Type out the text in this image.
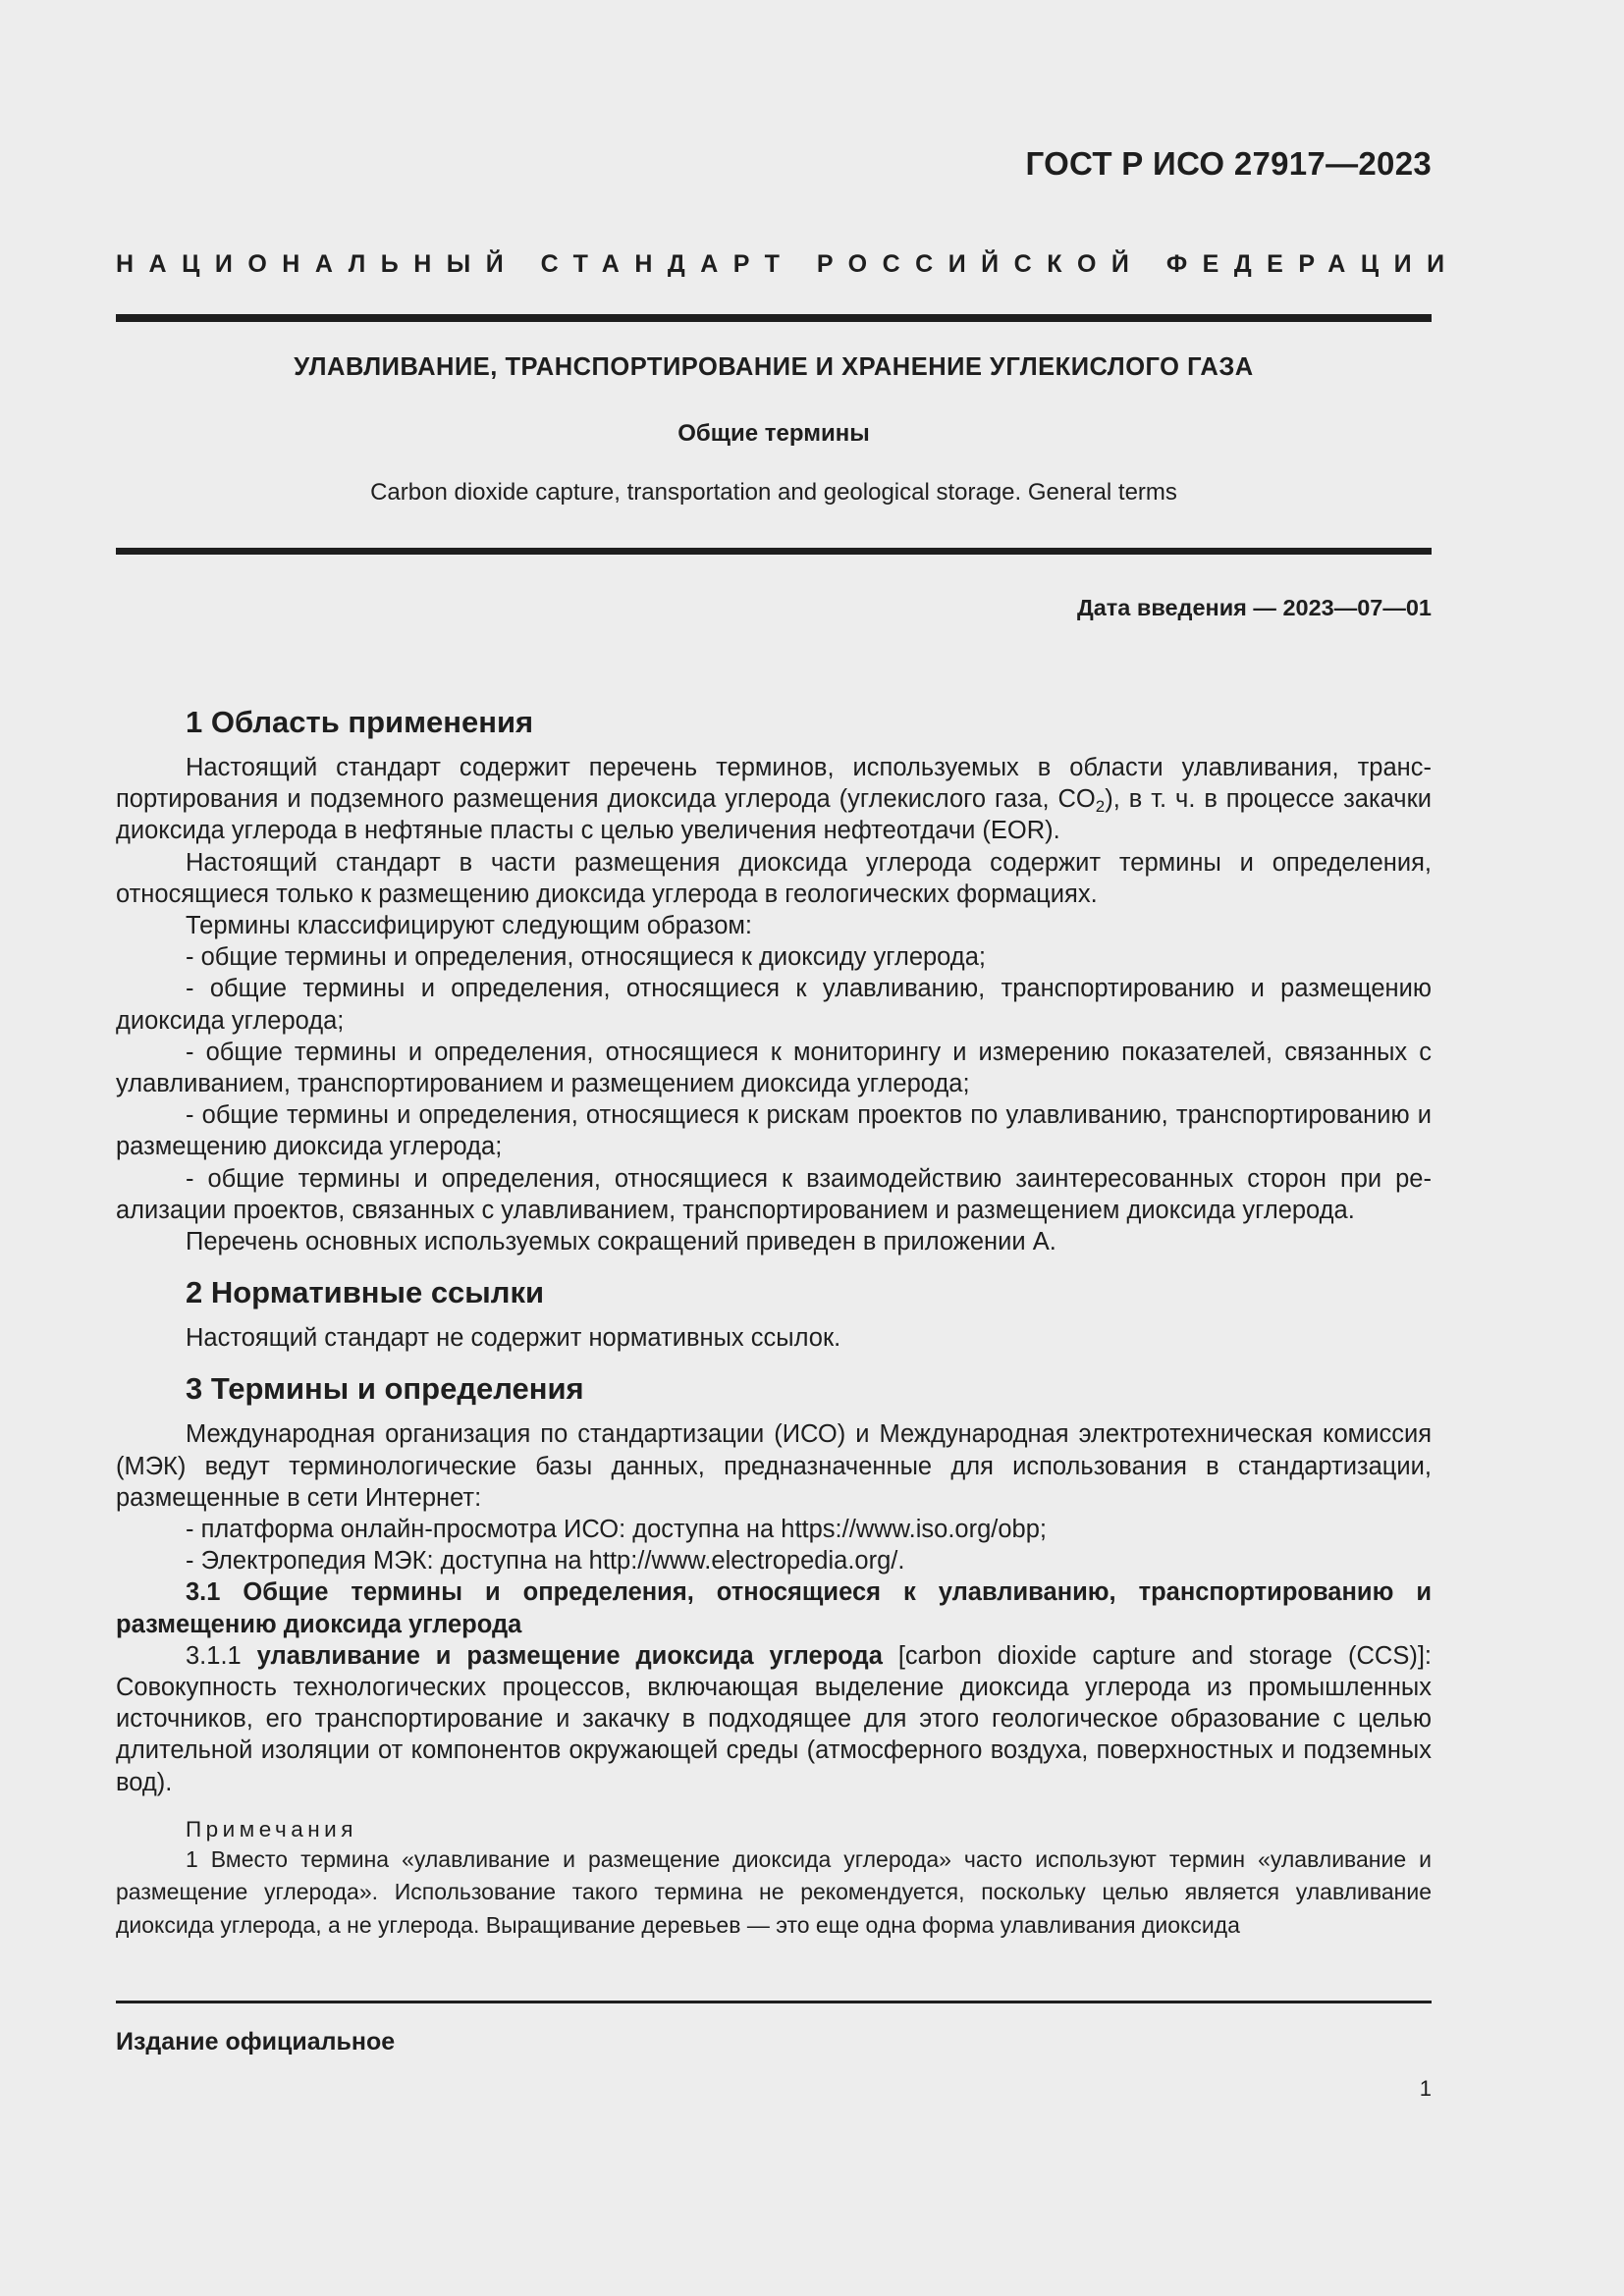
ГОСТ Р ИСО 27917—2023
НАЦИОНАЛЬНЫЙ СТАНДАРТ РОССИЙСКОЙ ФЕДЕРАЦИИ
УЛАВЛИВАНИЕ, ТРАНСПОРТИРОВАНИЕ И ХРАНЕНИЕ УГЛЕКИСЛОГО ГАЗА
Общие термины
Carbon dioxide capture, transportation and geological storage. General terms
Дата введения — 2023—07—01
1 Область применения

Настоящий стандарт содержит перечень терминов, используемых в области улавливания, транспортирования и подземного размещения диоксида углерода (углекислого газа, $CO_2$), в т. ч. в процессе закачки диоксида углерода в нефтяные пласты с целью увеличения нефтеотдачи (EOR).

Настоящий стандарт в части размещения диоксида углерода содержит термины и определения, относящиеся только к размещению диоксида углерода в геологических формациях.

Термины классифицируют следующим образом:

- общие термины и определения, относящиеся к диоксиду углерода;

- общие термины и определения, относящиеся к улавливанию, транспортированию и размещению диоксида углерода;

- общие термины и определения, относящиеся к мониторингу и измерению показателей, связанных с улавливанием, транспортированием и размещением диоксида углерода;

- общие термины и определения, относящиеся к рискам проектов по улавливанию, транспортированию и размещению диоксида углерода;

- общие термины и определения, относящиеся к взаимодействию заинтересованных сторон при реализации проектов, связанных с улавливанием, транспортированием и размещением диоксида углерода.

Перечень основных используемых сокращений приведен в приложении А.

2 Нормативные ссылки

Настоящий стандарт не содержит нормативных ссылок.

3 Термины и определения

Международная организация по стандартизации (ИСО) и Международная электротехническая комиссия (МЭК) ведут терминологические базы данных, предназначенные для использования в стандартизации, размещенные в сети Интернет:

- платформа онлайн-просмотра ИСО: доступна на https://www.iso.org/obp;

- Электропедия МЭК: доступна на http://www.electropedia.org/.

3.1 Общие термины и определения, относящиеся к улавливанию, транспортированию и размещению диоксида углерода

3.1.1 улавливание и размещение диоксида углерода [carbon dioxide capture and storage (CCS)]: Совокупность технологических процессов, включающая выделение диоксида углерода из промышленных источников, его транспортирование и закачку в подходящее для этого геологическое образование с целью длительной изоляции от компонентов окружающей среды (атмосферного воздуха, поверхностных и подземных вод).

Примечания

1 Вместо термина «улавливание и размещение диоксида углерода» часто используют термин «улавливание и размещение углерода». Использование такого термина не рекомендуется, поскольку целью является улавливание диоксида углерода, а не углерода. Выращивание деревьев — это еще одна форма улавливания диоксида

Издание официальное
1
